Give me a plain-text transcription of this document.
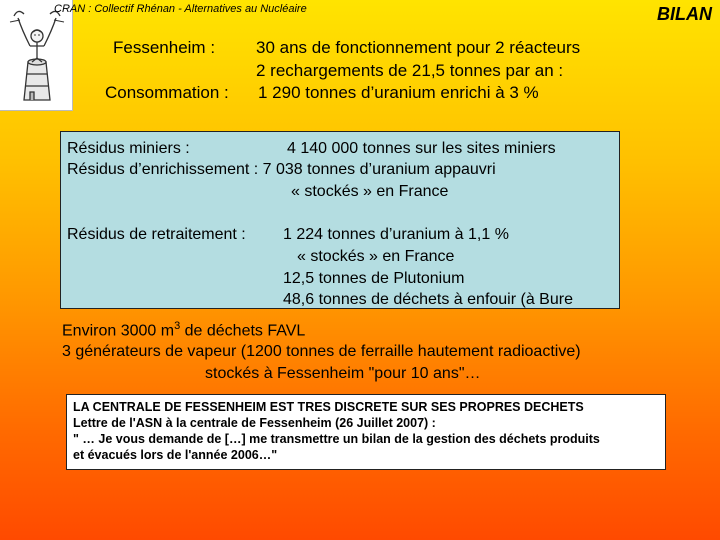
CRAN : Collectif Rhénan - Alternatives au Nucléaire	BILAN
Fessenheim : 30 ans de fonctionnement pour 2 réacteurs
2 rechargements de 21,5 tonnes par an :
Consommation : 1 290 tonnes d’uranium enrichi à 3 %
Résidus miniers :	4 140 000 tonnes sur les sites miniers
Résidus d’enrichissement : 7 038 tonnes d’uranium appauvri
« stockés » en France
Résidus de retraitement : 1 224 tonnes d’uranium à 1,1 %
« stockés » en France
12,5 tonnes de Plutonium
48,6 tonnes de déchets à enfouir (à Bure
Environ 3000 $m^3$ de déchets FAVL
3 générateurs de vapeur (1200 tonnes de ferraille hautement radioactive)
stockés à Fessenheim "pour 10 ans"…
LA CENTRALE DE FESSENHEIM EST TRES DISCRETE SUR SES PROPRES DECHETS
Lettre de l'ASN à la centrale de Fessenheim (26 Juillet 2007) :
" … Je vous demande de […] me transmettre un bilan de la gestion des déchets produits
et évacués lors de l'année 2006…"
